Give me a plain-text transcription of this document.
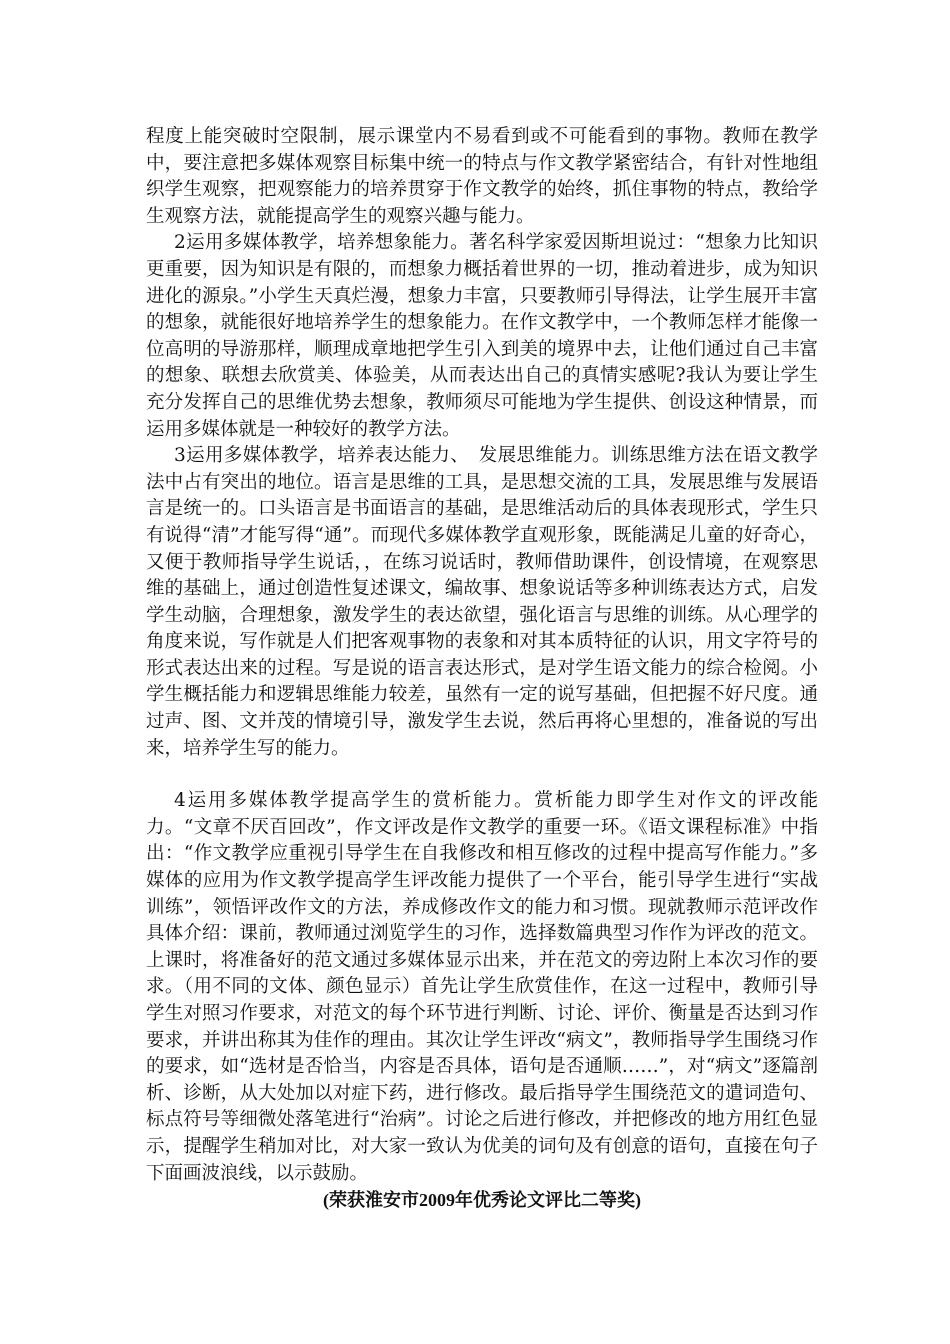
程度上能突破时空限制，展示课堂内不易看到或不可能看到的事物。教师在教学中，要注意把多媒体观察目标集中统一的特点与作文教学紧密结合，有针对性地组织学生观察，把观察能力的培养贯穿于作文教学的始终，抓住事物的特点，教给学生观察方法，就能提高学生的观察兴趣与能力。

2运用多媒体教学，培养想象能力。著名科学家爱因斯坦说过：“想象力比知识更重要，因为知识是有限的，而想象力概括着世界的一切，推动着进步，成为知识进化的源泉。”小学生天真烂漫，想象力丰富，只要教师引导得法，让学生展开丰富的想象，就能很好地培养学生的想象能力。在作文教学中，一个教师怎样才能像一位高明的导游那样，顺理成章地把学生引入到美的境界中去，让他们通过自己丰富的想象、联想去欣赏美、体验美，从而表达出自己的真情实感呢?我认为要让学生充分发挥自己的思维优势去想象，教师须尽可能地为学生提供、创设这种情景，而运用多媒体就是一种较好的教学方法。

3运用多媒体教学，培养表达能力、　发展思维能力。训练思维方法在语文教学法中占有突出的地位。语言是思维的工具，是思想交流的工具，发展思维与发展语言是统一的。口头语言是书面语言的基础，是思维活动后的具体表现形式，学生只有说得“清”才能写得“通”。而现代多媒体教学直观形象，既能满足儿童的好奇心，又便于教师指导学生说话，，在练习说话时，教师借助课件，创设情境，在观察思维的基础上，通过创造性复述课文，编故事、想象说话等多种训练表达方式，启发学生动脑，合理想象，激发学生的表达欲望，强化语言与思维的训练。从心理学的角度来说，写作就是人们把客观事物的表象和对其本质特征的认识，用文字符号的形式表达出来的过程。写是说的语言表达形式，是对学生语文能力的综合检阅。小学生概括能力和逻辑思维能力较差，虽然有一定的说写基础，但把握不好尺度。通过声、图、文并茂的情境引导，激发学生去说，然后再将心里想的，准备说的写出来，培养学生写的能力。

4运用多媒体教学提高学生的赏析能力。赏析能力即学生对作文的评改能力。“文章不厌百回改”，作文评改是作文教学的重要一环。《语文课程标准》中指出：“作文教学应重视引导学生在自我修改和相互修改的过程中提高写作能力。”多媒体的应用为作文教学提高学生评改能力提供了一个平台，能引导学生进行“实战训练”，领悟评改作文的方法，养成修改作文的能力和习惯。现就教师示范评改作具体介绍：课前，教师通过浏览学生的习作，选择数篇典型习作作为评改的范文。上课时，将准备好的范文通过多媒体显示出来，并在范文的旁边附上本次习作的要求。（用不同的文体、颜色显示）首先让学生欣赏佳作，在这一过程中，教师引导学生对照习作要求，对范文的每个环节进行判断、讨论、评价、衡量是否达到习作要求，并讲出称其为佳作的理由。其次让学生评改“病文”，教师指导学生围绕习作的要求，如“选材是否恰当，内容是否具体，语句是否通顺……”，对“病文”逐篇剖析、诊断，从大处加以对症下药，进行修改。最后指导学生围绕范文的遣词造句、标点符号等细微处落笔进行“治病”。讨论之后进行修改，并把修改的地方用红色显示，提醒学生稍加对比，对大家一致认为优美的词句及有创意的语句，直接在句子下面画波浪线，以示鼓励。

(荣获淮安市2009年优秀论文评比二等奖)
